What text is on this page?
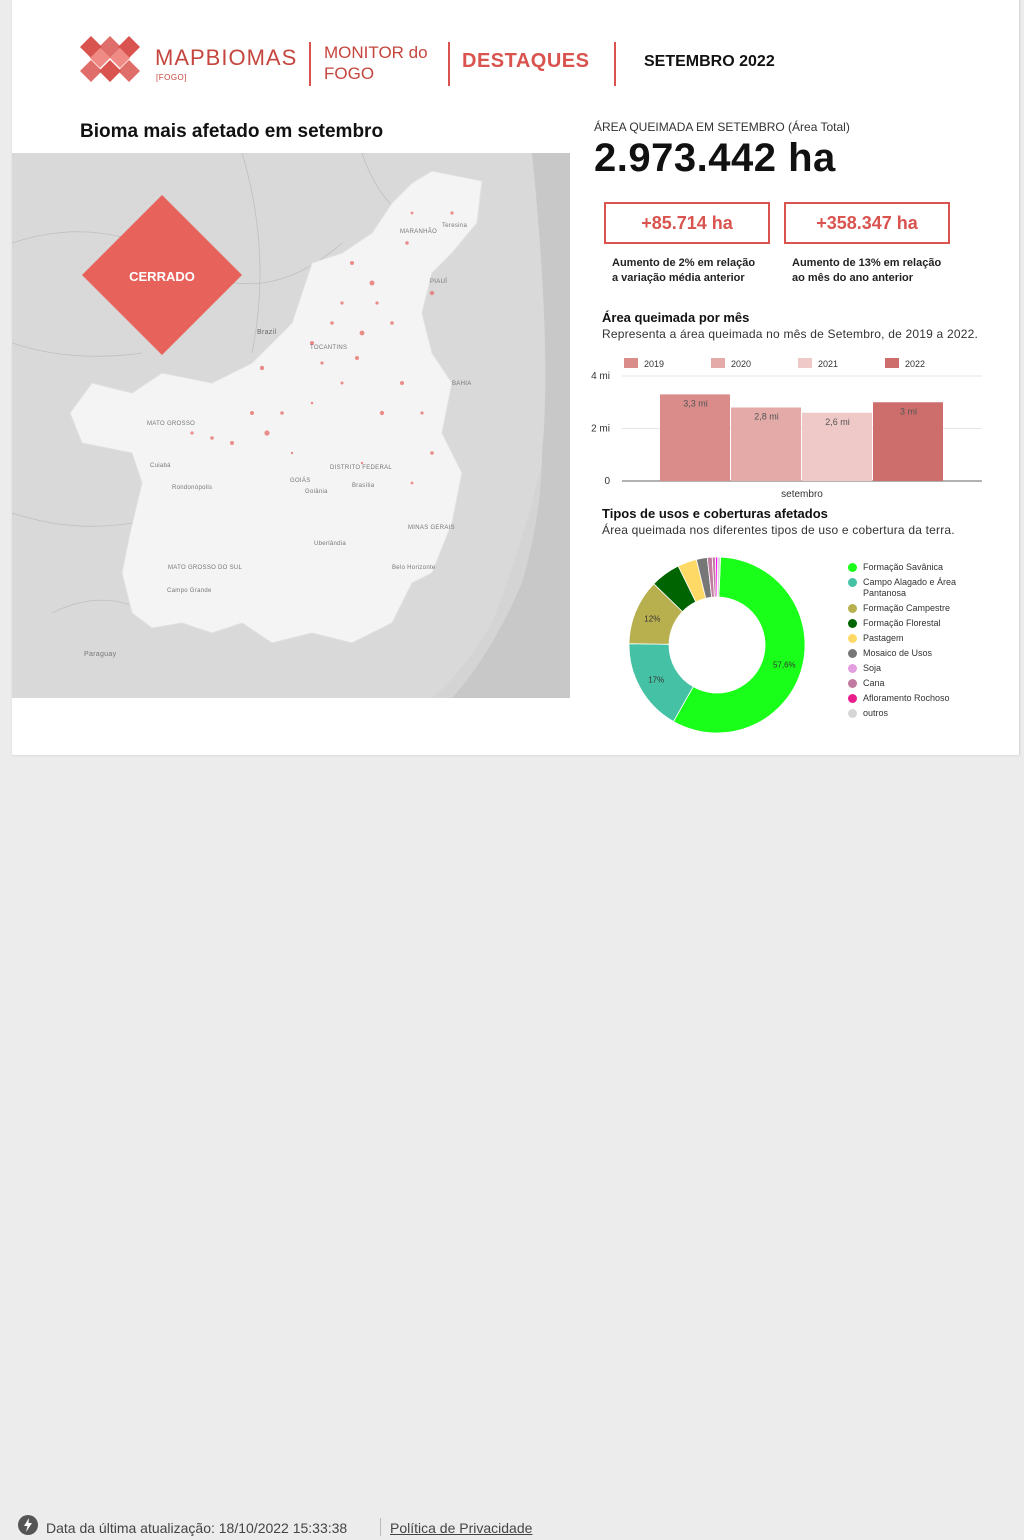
MAPBIOMAS
[FOGO]
MONITOR do
FOGO
DESTAQUES	SETEMBRO 2022
Bioma mais afetado em setembro
CERRADO
MARANHÃO
Teresina
PIAUÍ
TOCANTINS
Brazil
BAHIA
MATO GROSSO
Cuiabá
GOIÁS
Goiânia
Brasília
DISTRITO FEDERAL
MINAS GERAIS
Belo Horizonte
MATO GROSSO DO SUL
Campo Grande
Paraguay
Rondonópolis
Uberlândia
ÁREA QUEIMADA EM SETEMBRO (Área Total)
2.973.442 ha
+85.714 ha
Aumento de 2% em relação a variação média anterior
+358.347 ha
Aumento de 13% em relação ao mês do ano anterior
Área queimada por mês
Representa a área queimada no mês de Setembro, de 2019 a 2022.
2019	2020	2021	2022
0
2 mi
4 mi
3,3 mi
2,8 mi
2,6 mi
3 mi
setembro
Tipos de usos e coberturas afetados
Área queimada nos diferentes tipos de uso e cobertura da terra.
57,6%
17%
12%
Formação Savânica
Campo Alagado e Área Pantanosa
Formação Campestre
Formação Florestal
Pastagem
Mosaico de Usos
Soja
Cana
Afloramento Rochoso
outros
Data da última atualização: 18/10/2022 15:33:38	Política de Privacidade
